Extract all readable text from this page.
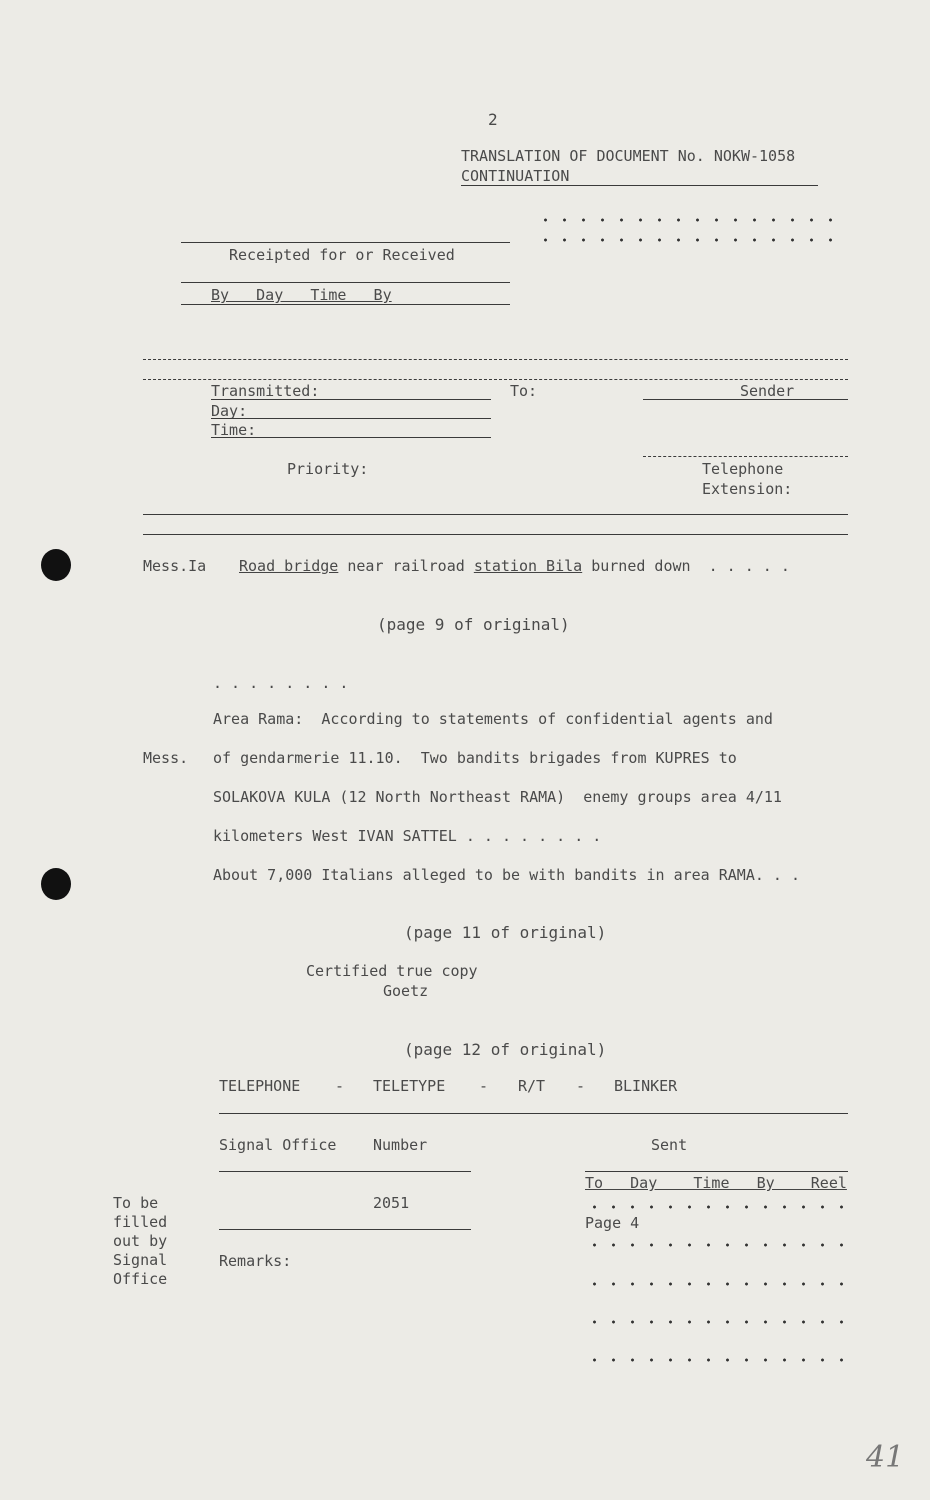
2
TRANSLATION OF DOCUMENT No. NOKW-1058
CONTINUATION
Receipted for or Received
By   Day   Time   By
Transmitted:
Day:
Time:
To:	Sender
Priority:	Telephone
Extension:
Mess.Ia Road bridge near railroad station Bila burned down  . . . . .
(page 9 of original)
. . . . . . . .
Area Rama:  According to statements of confidential agents and
Mess. of gendarmerie 11.10.  Two bandits brigades from KUPRES to
SOLAKOVA KULA (12 North Northeast RAMA)  enemy groups area 4/11
kilometers West IVAN SATTEL . . . . . . . .
About 7,000 Italians alleged to be with bandits in area RAMA. . .
(page 11 of original)
Certified true copy
Goetz
(page 12 of original)
TELEPHONE - TELETYPE - R/T - BLINKER
Signal Office Number	Sent
To   Day    Time   By    Reel
To be
filled
out by
Signal
Office
2051
Page 4
Remarks:
41
